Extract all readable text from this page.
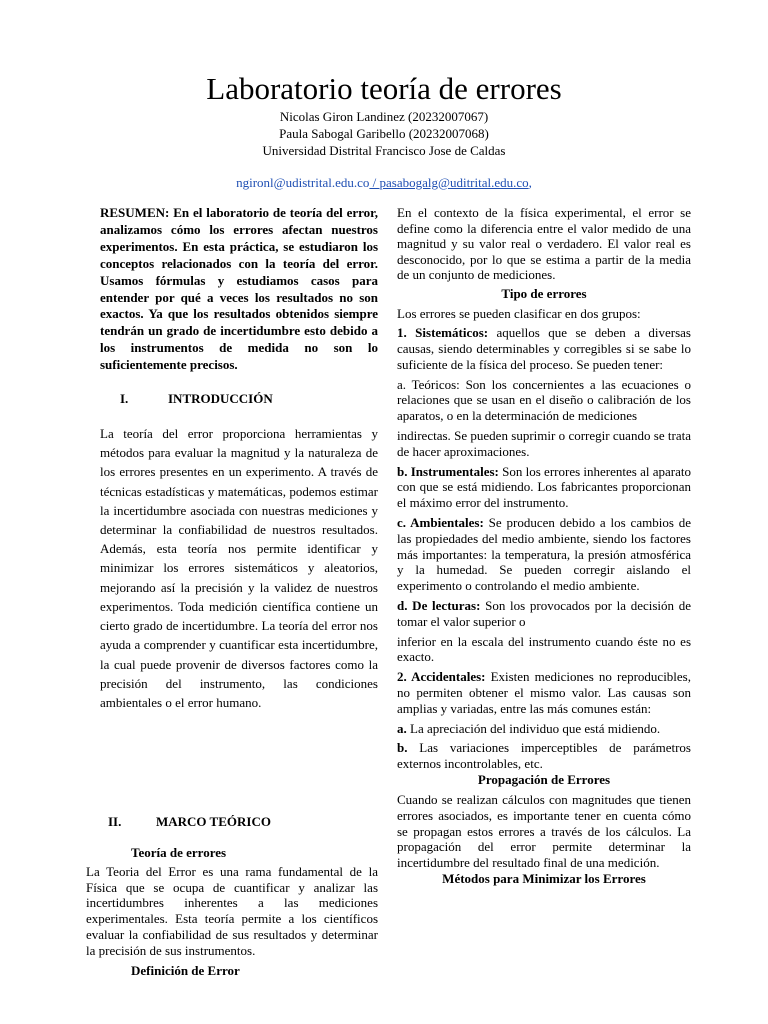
Laboratorio teoría de errores

Nicolas Giron Landinez (20232007067)

Paula Sabogal Garibello (20232007068)

Universidad Distrital Francisco Jose de Caldas

ngironl@udistrital.edu.co / pasabogalg@uditrital.edu.co,

RESUMEN: En el laboratorio de teoría del error, analizamos cómo los errores afectan nuestros experimentos. En esta práctica, se estudiaron los conceptos relacionados con la teoría del error. Usamos fórmulas y estudiamos casos para entender por qué a veces los resultados no son exactos. Ya que los resultados obtenidos siempre tendrán un grado de incertidumbre esto debido a los instrumentos de medida no son lo suficientemente precisos.

I.	INTRODUCCIÓN

La teoría del error proporciona herramientas y métodos para evaluar la magnitud y la naturaleza de los errores presentes en un experimento. A través de técnicas estadísticas y matemáticas, podemos estimar la incertidumbre asociada con nuestras mediciones y determinar la confiabilidad de nuestros resultados. Además, esta teoría nos permite identificar y minimizar los errores sistemáticos y aleatorios, mejorando así la precisión y la validez de nuestros experimentos. Toda medición científica contiene un cierto grado de incertidumbre. La teoría del error nos ayuda a comprender y cuantificar esta incertidumbre, la cual puede provenir de diversos factores como la precisión del instrumento, las condiciones ambientales o el error humano.

II.	MARCO TEÓRICO
Teoría de errores

La Teoria del Error es una rama fundamental de la Física que se ocupa de cuantificar y analizar las incertidumbres inherentes a las mediciones experimentales. Esta teoría permite a los científicos evaluar la confiabilidad de sus resultados y determinar la precisión de sus instrumentos.

Definición de Error

En el contexto de la física experimental, el error se define como la diferencia entre el valor medido de una magnitud y su valor real o verdadero. El valor real es desconocido, por lo que se estima a partir de la media de un conjunto de mediciones.

Tipo de errores

Los errores se pueden clasificar en dos grupos:

1. Sistemáticos: aquellos que se deben a diversas causas, siendo determinables y corregibles si se sabe lo suficiente de la física del proceso. Se pueden tener:

a. Teóricos: Son los concernientes a las ecuaciones o relaciones que se usan en el diseño o calibración de los aparatos, o en la determinación de mediciones

indirectas. Se pueden suprimir o corregir cuando se trata de hacer aproximaciones.

b. Instrumentales: Son los errores inherentes al aparato con que se está midiendo. Los fabricantes proporcionan el máximo error del instrumento.

c. Ambientales: Se producen debido a los cambios de las propiedades del medio ambiente, siendo los factores más importantes: la temperatura, la presión atmosférica y la humedad. Se pueden corregir aislando el experimento o controlando el medio ambiente.

d. De lecturas: Son los provocados por la decisión de tomar el valor superior o

inferior en la escala del instrumento cuando éste no es exacto.

2. Accidentales: Existen mediciones no reproducibles, no permiten obtener el mismo valor. Las causas son amplias y variadas, entre las más comunes están:

a. La apreciación del individuo que está midiendo.

b. Las variaciones imperceptibles de parámetros externos incontrolables, etc.

Propagación de Errores

Cuando se realizan cálculos con magnitudes que tienen errores asociados, es importante tener en cuenta cómo se propagan estos errores a través de los cálculos. La propagación del error permite determinar la incertidumbre del resultado final de una medición.

Métodos para Minimizar los Errores
